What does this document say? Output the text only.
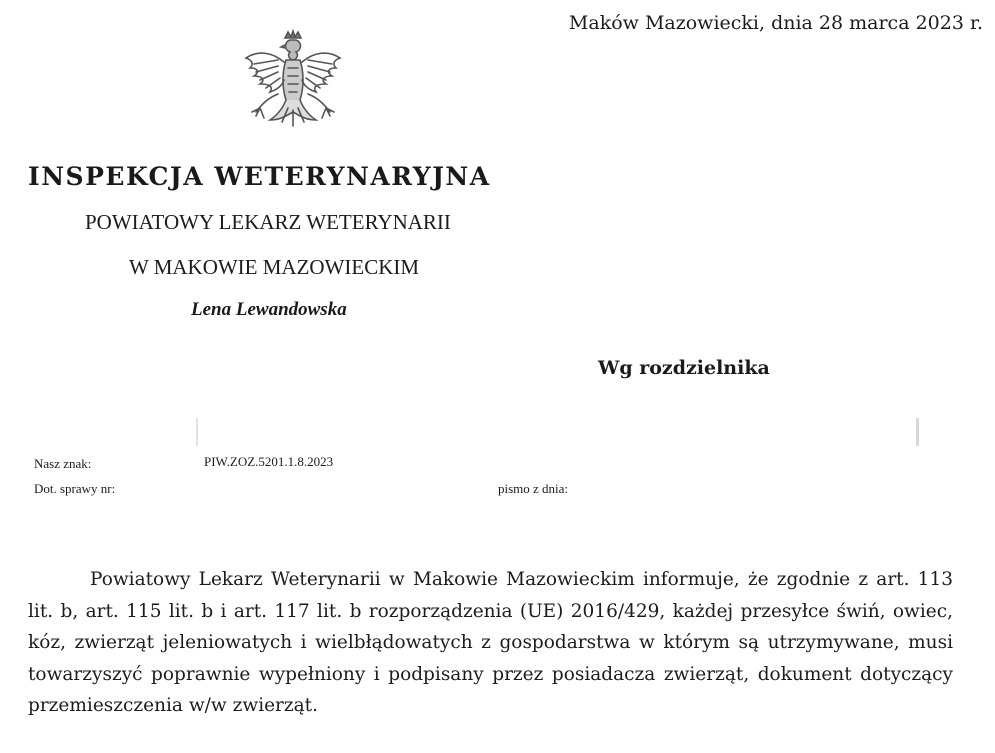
Maków Mazowiecki, dnia 28 marca 2023 r.
INSPEKCJA WETERYNARYJNA
POWIATOWY LEKARZ WETERYNARII
W MAKOWIE MAZOWIECKIM
Lena Lewandowska
Wg rozdzielnika
Nasz znak:	PIW.ZOZ.5201.1.8.2023
Dot. sprawy nr:	pismo z dnia:

Powiatowy Lekarz Weterynarii w Makowie Mazowieckim informuje, że zgodnie z art. 113 lit. b, art. 115 lit. b i art. 117 lit. b rozporządzenia (UE) 2016/429, każdej przesyłce świń, owiec, kóz, zwierząt jeleniowatych i wielbłądowatych z gospodarstwa w którym są utrzymywane, musi towarzyszyć poprawnie wypełniony i podpisany przez posiadacza zwierząt, dokument dotyczący przemieszczenia w/w zwierząt.
